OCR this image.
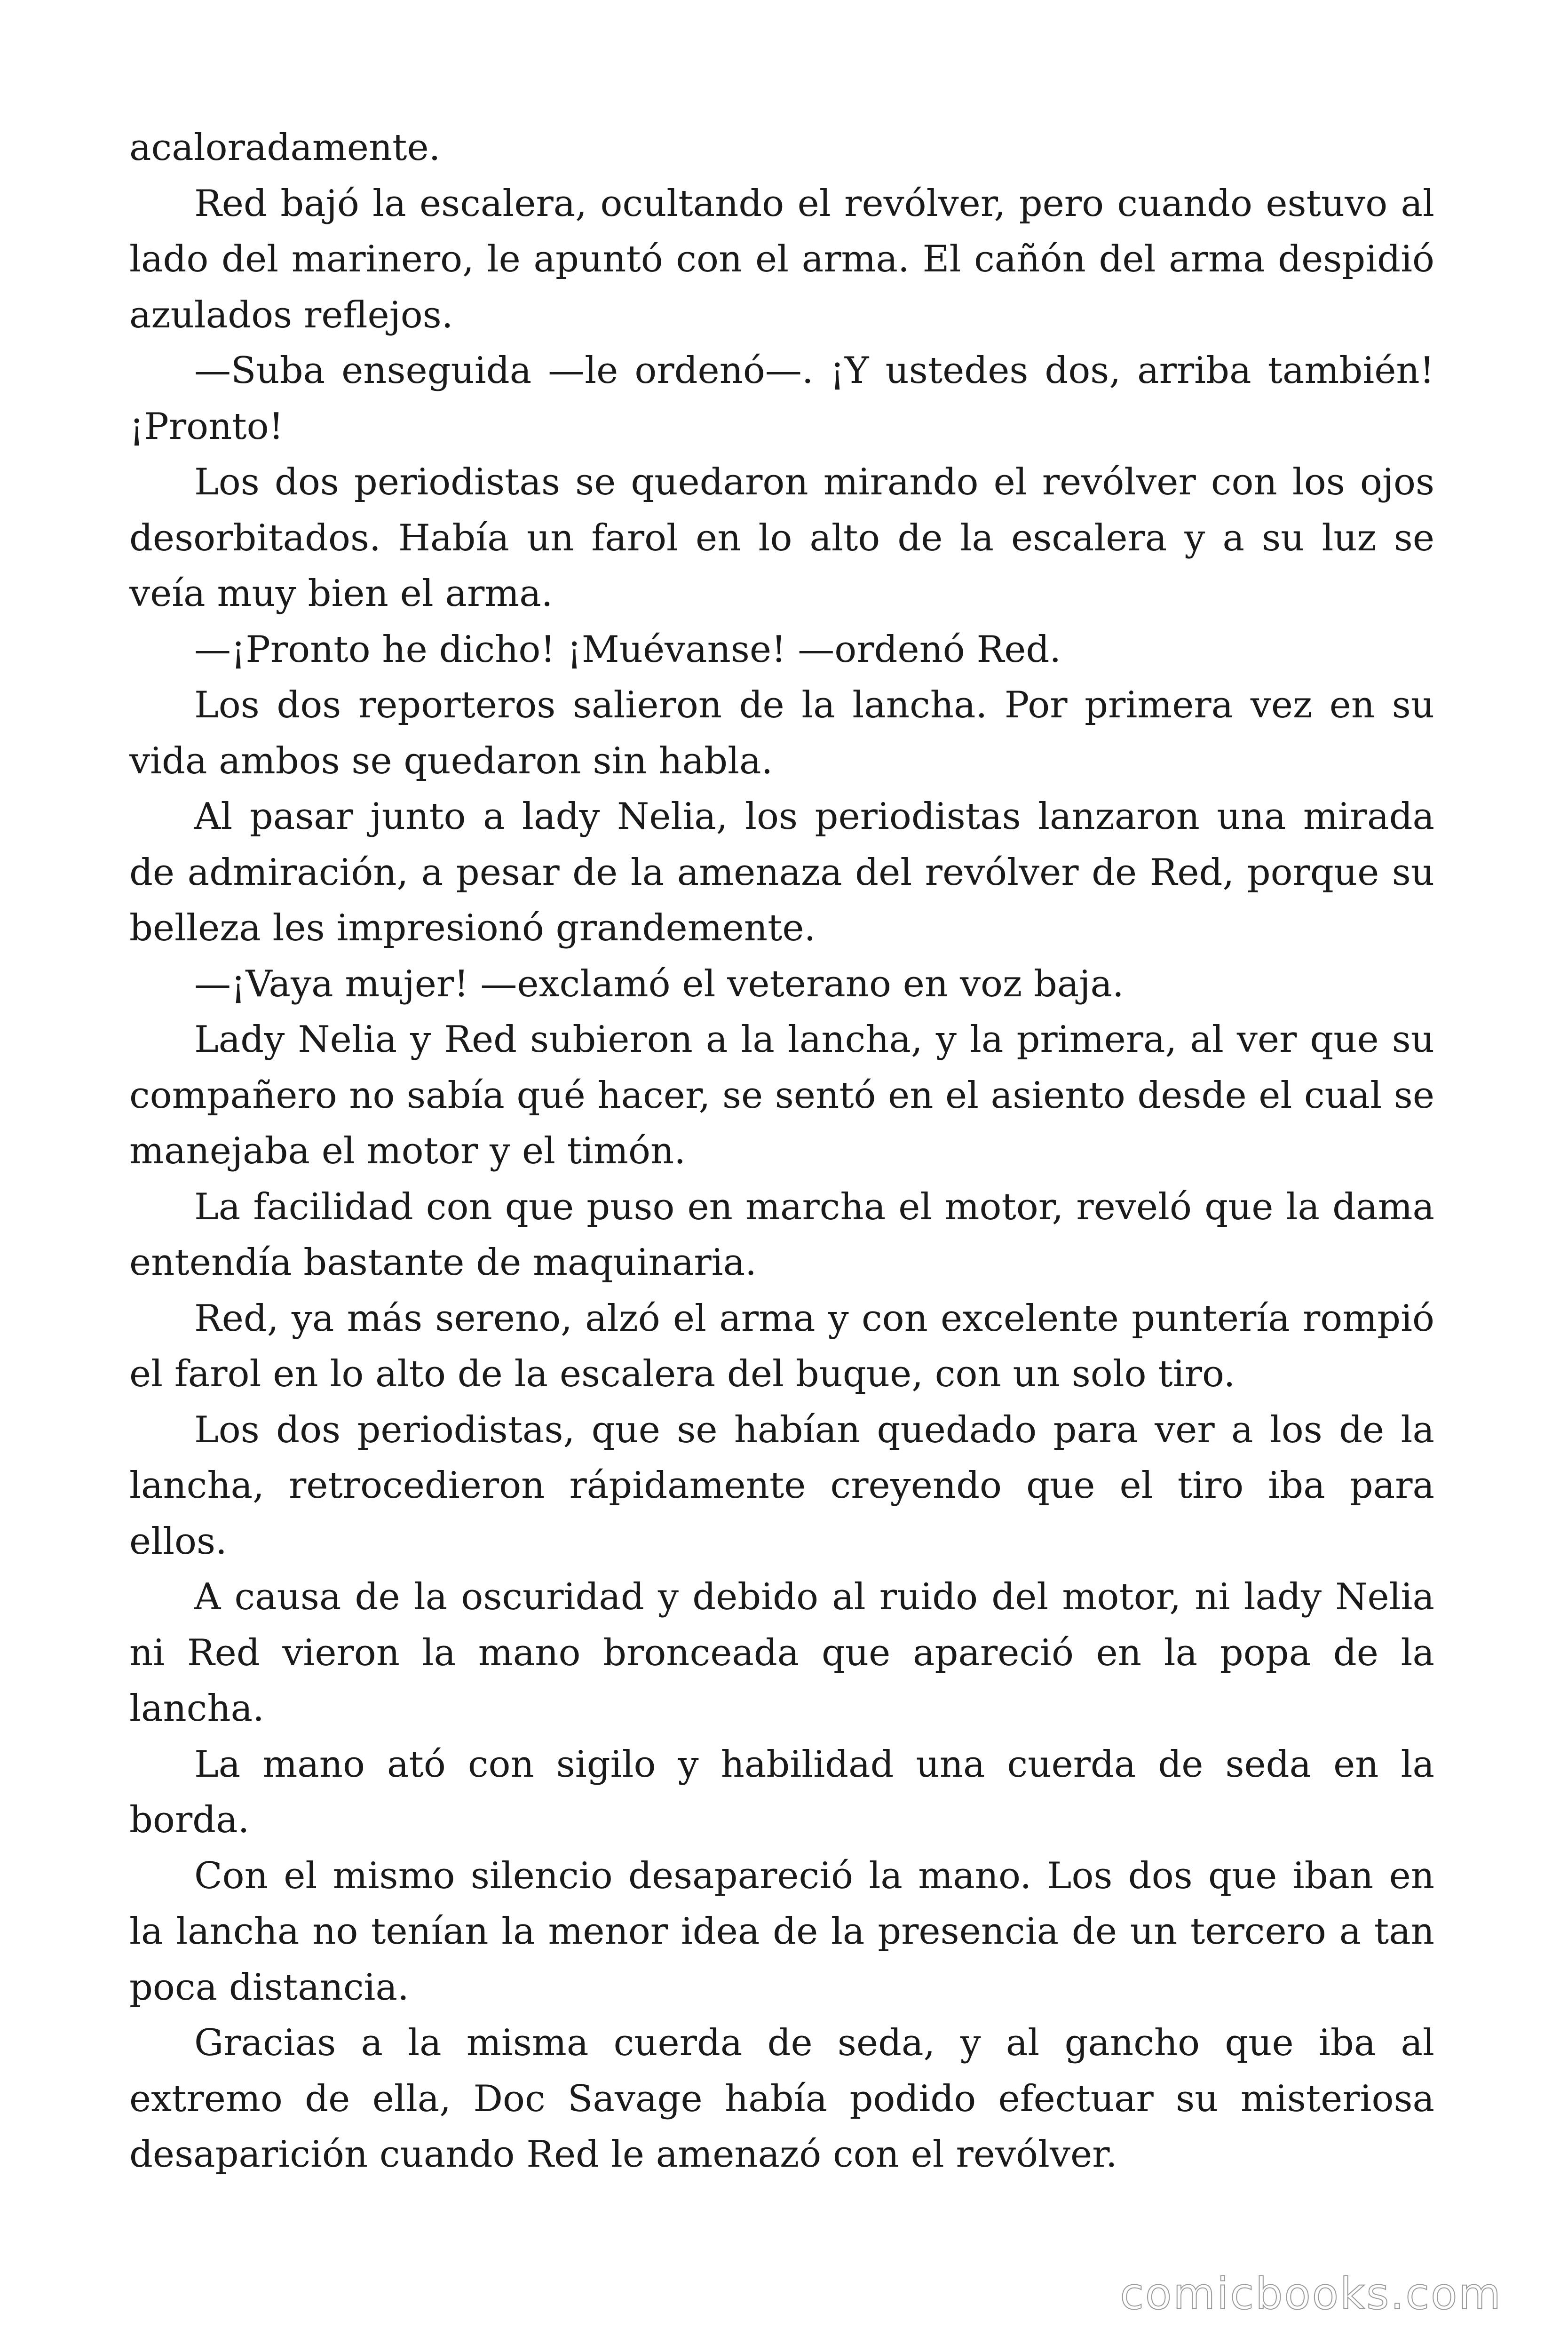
acaloradamente.

Red bajó la escalera, ocultando el revólver, pero cuando estuvo al lado del marinero, le apuntó con el arma. El cañón del arma despidió azulados reflejos.

—Suba enseguida —le ordenó—. ¡Y ustedes dos, arriba también! ¡Pronto!

Los dos periodistas se quedaron mirando el revólver con los ojos desorbitados. Había un farol en lo alto de la escalera y a su luz se veía muy bien el arma.

—¡Pronto he dicho! ¡Muévanse! —ordenó Red.

Los dos reporteros salieron de la lancha. Por primera vez en su vida ambos se quedaron sin habla.

Al pasar junto a lady Nelia, los periodistas lanzaron una mirada de admiración, a pesar de la amenaza del revólver de Red, porque su belleza les impresionó grandemente.

—¡Vaya mujer! —exclamó el veterano en voz baja.

Lady Nelia y Red subieron a la lancha, y la primera, al ver que su compañero no sabía qué hacer, se sentó en el asiento desde el cual se manejaba el motor y el timón.

La facilidad con que puso en marcha el motor, reveló que la dama entendía bastante de maquinaria.

Red, ya más sereno, alzó el arma y con excelente puntería rompió el farol en lo alto de la escalera del buque, con un solo tiro.

Los dos periodistas, que se habían quedado para ver a los de la lancha, retrocedieron rápidamente creyendo que el tiro iba para ellos.

A causa de la oscuridad y debido al ruido del motor, ni lady Nelia ni Red vieron la mano bronceada que apareció en la popa de la lancha.

La mano ató con sigilo y habilidad una cuerda de seda en la borda.

Con el mismo silencio desapareció la mano. Los dos que iban en la lancha no tenían la menor idea de la presencia de un tercero a tan poca distancia.

Gracias a la misma cuerda de seda, y al gancho que iba al extremo de ella, Doc Savage había podido efectuar su misteriosa desaparición cuando Red le amenazó con el revólver.

comicbooks.com
